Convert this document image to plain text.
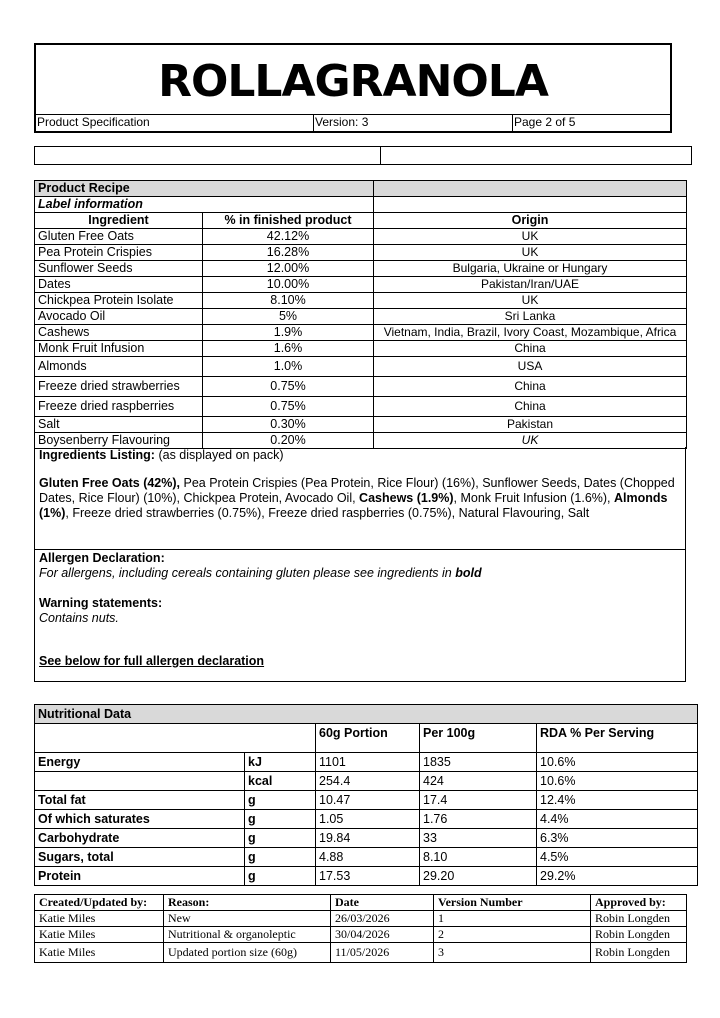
ROLLAGRANOLA
Product Specification	Version: 3	Page 2 of 5
Product Recipe		
Label information		
Ingredient	% in finished product	Origin
Gluten Free Oats	42.12%	UK
Pea Protein Crispies	16.28%	UK
Sunflower Seeds	12.00%	Bulgaria, Ukraine or Hungary
Dates	10.00%	Pakistan/Iran/UAE
Chickpea Protein Isolate	8.10%	UK
Avocado Oil	5%	Sri Lanka
Cashews	1.9%	Vietnam, India, Brazil, Ivory Coast, Mozambique, Africa
Monk Fruit Infusion	1.6%	China
Almonds	1.0%	USA
Freeze dried strawberries	0.75%	China
Freeze dried raspberries	0.75%	China
Salt	0.30%	Pakistan
Boysenberry Flavouring	0.20%	UK

Ingredients Listing: (as displayed on pack)

Gluten Free Oats (42%), Pea Protein Crispies (Pea Protein, Rice Flour) (16%), Sunflower Seeds, Dates (Chopped Dates, Rice Flour) (10%), Chickpea Protein, Avocado Oil, Cashews (1.9%), Monk Fruit Infusion (1.6%), Almonds (1%), Freeze dried strawberries (0.75%), Freeze dried raspberries (0.75%), Natural Flavouring, Salt

Allergen Declaration:

For allergens, including cereals containing gluten please see ingredients in bold

Warning statements:

Contains nuts.

See below for full allergen declaration

Nutritional Data				
		60g Portion	Per 100g	RDA % Per Serving
Energy	kJ	1101	1835	10.6%
	kcal	254.4	424	10.6%
Total fat	g	10.47	17.4	12.4%
Of which saturates	g	1.05	1.76	4.4%
Carbohydrate	g	19.84	33	6.3%
Sugars, total	g	4.88	8.10	4.5%
Protein	g	17.53	29.20	29.2%
Created/Updated by:	Reason:	Date	Version Number	Approved by:
Katie Miles	New	26/03/2026	1	Robin Longden
Katie Miles	Nutritional & organoleptic	30/04/2026	2	Robin Longden
Katie Miles	Updated portion size (60g)	11/05/2026	3	Robin Longden
